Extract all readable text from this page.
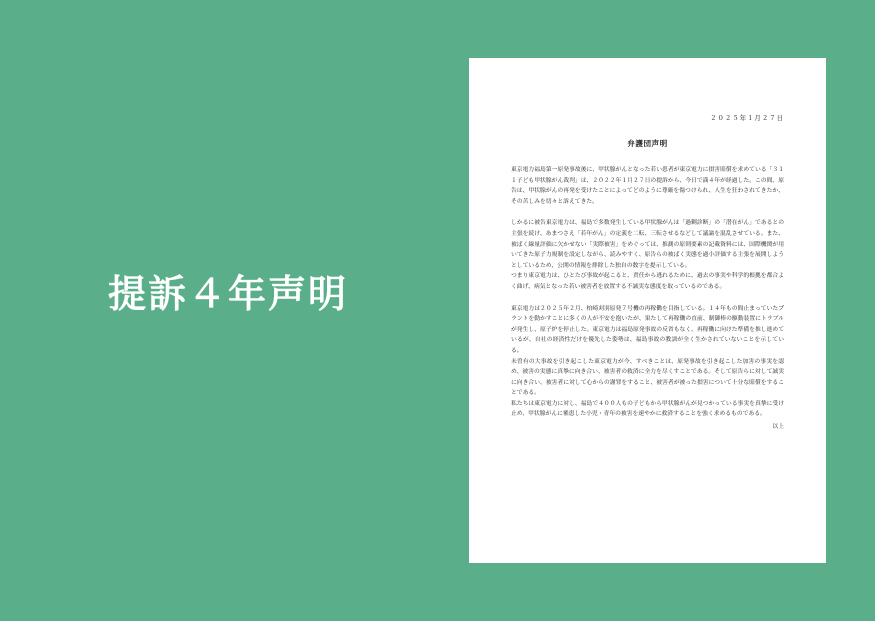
提訴４年声明
２０２５年１月２７日
弁護団声明

東京電力福島第一原発事故後に、甲状腺がんとなった若い患者が東京電力に損害賠償を求めている「３１１子ども甲状腺がん裁判」は、２０２２年１月２７日の提訴から、今日で満４年が経過した。この間、原告は、甲状腺がんの再発を受けたことによってどのように尊厳を傷つけられ、人生を狂わされてきたか、その苦しみを切々と訴えてきた。

しかるに被告東京電力は、福島で多数発生している甲状腺がんは「過剰診断」の「潜在がん」であるとの主張を続け、あまつさえ「若年がん」の定義を二転、三転させるなどして議論を混乱させている。また、被ばく線量評価に欠かせない「実際被害」をめぐっては、推測の原則要素の記載資料には、国際機関が用いてきた原子力規制を設定しながら、読みやすく、原告らの被ばく実態を過小評価する主張を展開しようとしているため、公開の情報を排除した独自の数字を提示している。

つまり東京電力は、ひとたび事故が起こると、責任から逃れるために、過去の事実や科学的根拠を都合よく曲げ、病気となった若い被害者を放置する不誠実な態度を取っているのである。

東京電力は２０２５年２月、柏崎刈羽原発７号機の再稼働を目指している。１４年もの間止まっていたプラントを動かすことに多くの人が不安を抱いたが、果たして再稼働の直前、制御棒の駆動装置にトラブルが発生し、原子炉を停止した。東京電力は福島原発事故の反省もなく、再稼働に向けた準備を推し進めているが、自社の経済性だけを優先した姿勢は、福島事故の教訓が全く生かされていないことを示している。

未曽有の大事故を引き起こした東京電力が今、すべきことは、原発事故を引き起こした加害の事実を認め、被害の実態に真摯に向き合い、被害者の救済に全力を尽くすことである。そして原告らに対して誠実に向き合い、被害者に対して心からの謝罪をすること、被害者が被った損害について十分な賠償をすることである。

私たちは東京電力に対し、福島で４００人もの子どもから甲状腺がんが見つかっている事実を真摯に受け止め、甲状腺がんに罹患した小児・青年の被害を速やかに救済することを強く求めるものである。

以上
